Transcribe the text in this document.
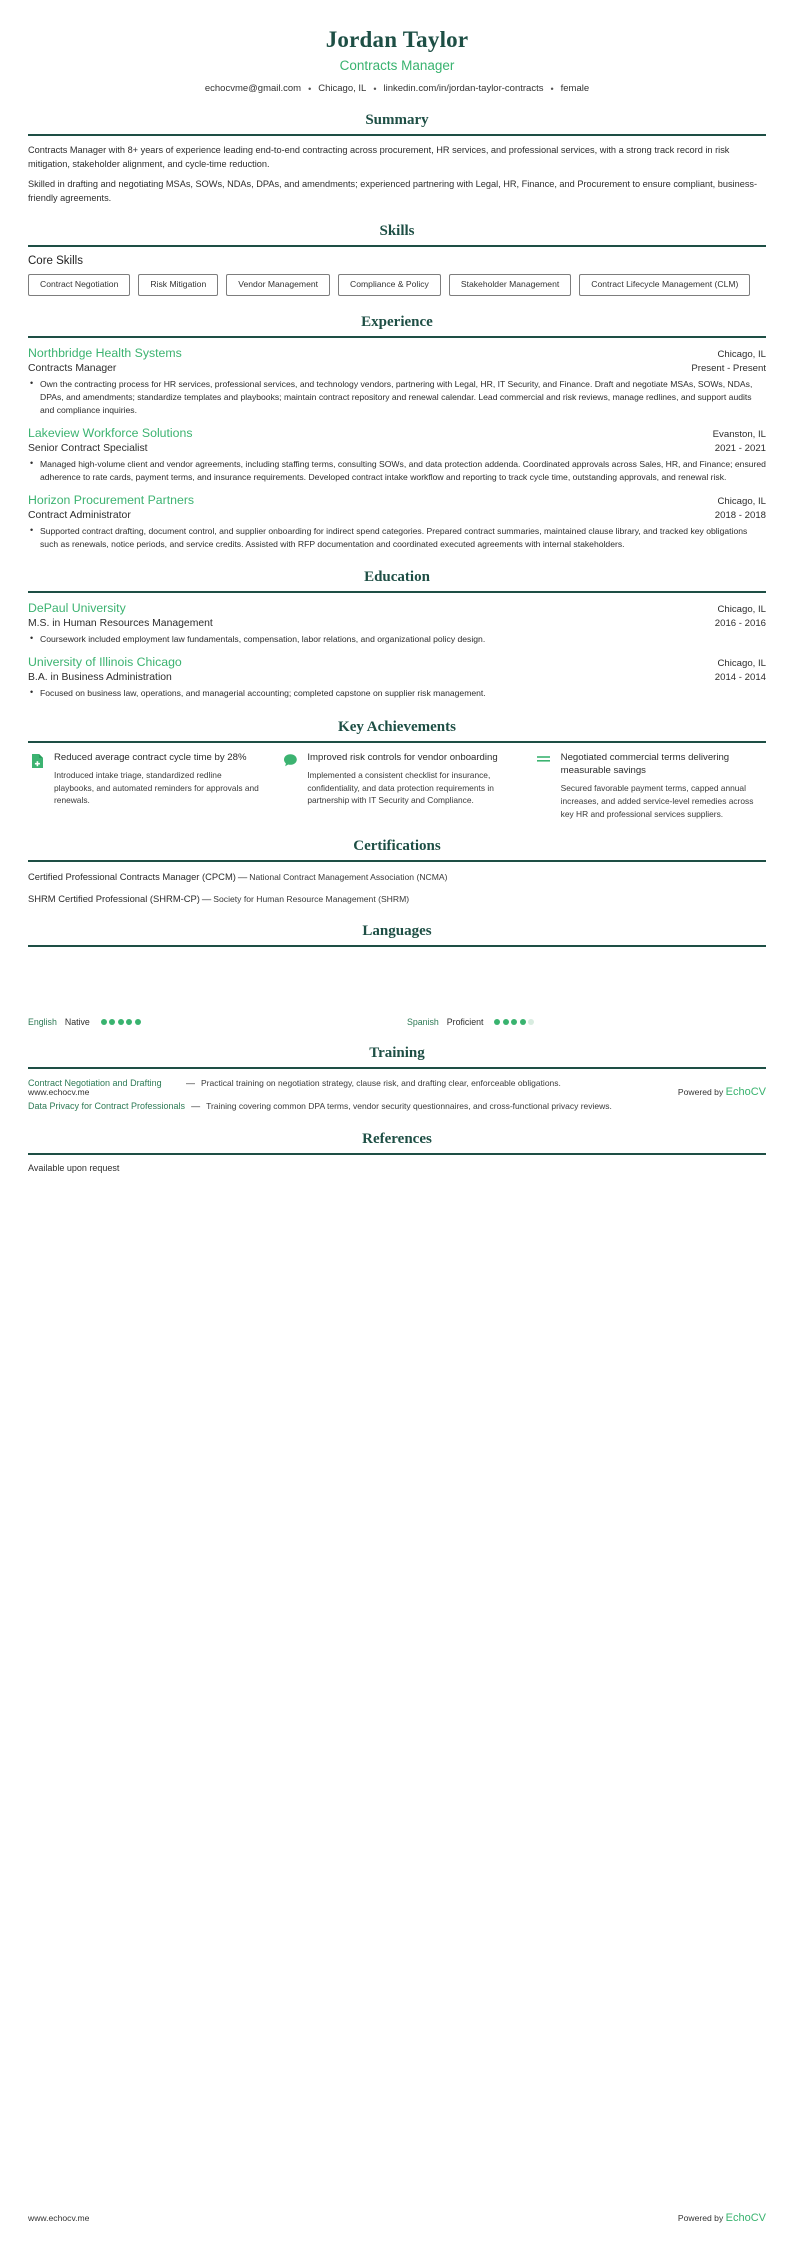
Jordan Taylor
Contracts Manager
echocvme@gmail.com • Chicago, IL • linkedin.com/in/jordan-taylor-contracts • female
Summary

Contracts Manager with 8+ years of experience leading end-to-end contracting across procurement, HR services, and professional services, with a strong track record in risk mitigation, stakeholder alignment, and cycle-time reduction.

Skilled in drafting and negotiating MSAs, SOWs, NDAs, DPAs, and amendments; experienced partnering with Legal, HR, Finance, and Procurement to ensure compliant, business-friendly agreements.

Skills
Core Skills
Contract Negotiation	Risk Mitigation	Vendor Management	Compliance & Policy	Stakeholder Management	Contract Lifecycle Management (CLM)
Experience
Northbridge Health Systems	Chicago, IL
Contracts Manager	Present - Present
• Own the contracting process for HR services, professional services, and technology vendors, partnering with Legal, HR, IT Security, and Finance. Draft and negotiate MSAs, SOWs, NDAs, DPAs, and amendments; standardize templates and playbooks; maintain contract repository and renewal calendar. Lead commercial and risk reviews, manage redlines, and support audits and compliance inquiries.
Lakeview Workforce Solutions	Evanston, IL
Senior Contract Specialist	2021 - 2021
• Managed high-volume client and vendor agreements, including staffing terms, consulting SOWs, and data protection addenda. Coordinated approvals across Sales, HR, and Finance; ensured adherence to rate cards, payment terms, and insurance requirements. Developed contract intake workflow and reporting to track cycle time, outstanding approvals, and renewal risk.
Horizon Procurement Partners	Chicago, IL
Contract Administrator	2018 - 2018
• Supported contract drafting, document control, and supplier onboarding for indirect spend categories. Prepared contract summaries, maintained clause library, and tracked key obligations such as renewals, notice periods, and service credits. Assisted with RFP documentation and coordinated executed agreements with internal stakeholders.
Education
DePaul University	Chicago, IL
M.S. in Human Resources Management	2016 - 2016
• Coursework included employment law fundamentals, compensation, labor relations, and organizational policy design.
University of Illinois Chicago	Chicago, IL
B.A. in Business Administration	2014 - 2014
• Focused on business law, operations, and managerial accounting; completed capstone on supplier risk management.
Key Achievements
Reduced average contract cycle time by 28%
Introduced intake triage, standardized redline playbooks, and automated reminders for approvals and renewals.
Improved risk controls for vendor onboarding
Implemented a consistent checklist for insurance, confidentiality, and data protection requirements in partnership with IT Security and Compliance.
Negotiated commercial terms delivering measurable savings
Secured favorable payment terms, capped annual increases, and added service-level remedies across key HR and professional services suppliers.
Certifications
Certified Professional Contracts Manager (CPCM) — National Contract Management Association (NCMA)
SHRM Certified Professional (SHRM-CP) — Society for Human Resource Management (SHRM)
Languages
English Native	Spanish Proficient
Training
Contract Negotiation and Drafting	— Practical training on negotiation strategy, clause risk, and drafting clear, enforceable obligations.
Data Privacy for Contract Professionals — Training covering common DPA terms, vendor security questionnaires, and cross-functional privacy reviews.
References
Available upon request
www.echocv.me	Powered by EchoCV
www.echocv.me	Powered by EchoCV
